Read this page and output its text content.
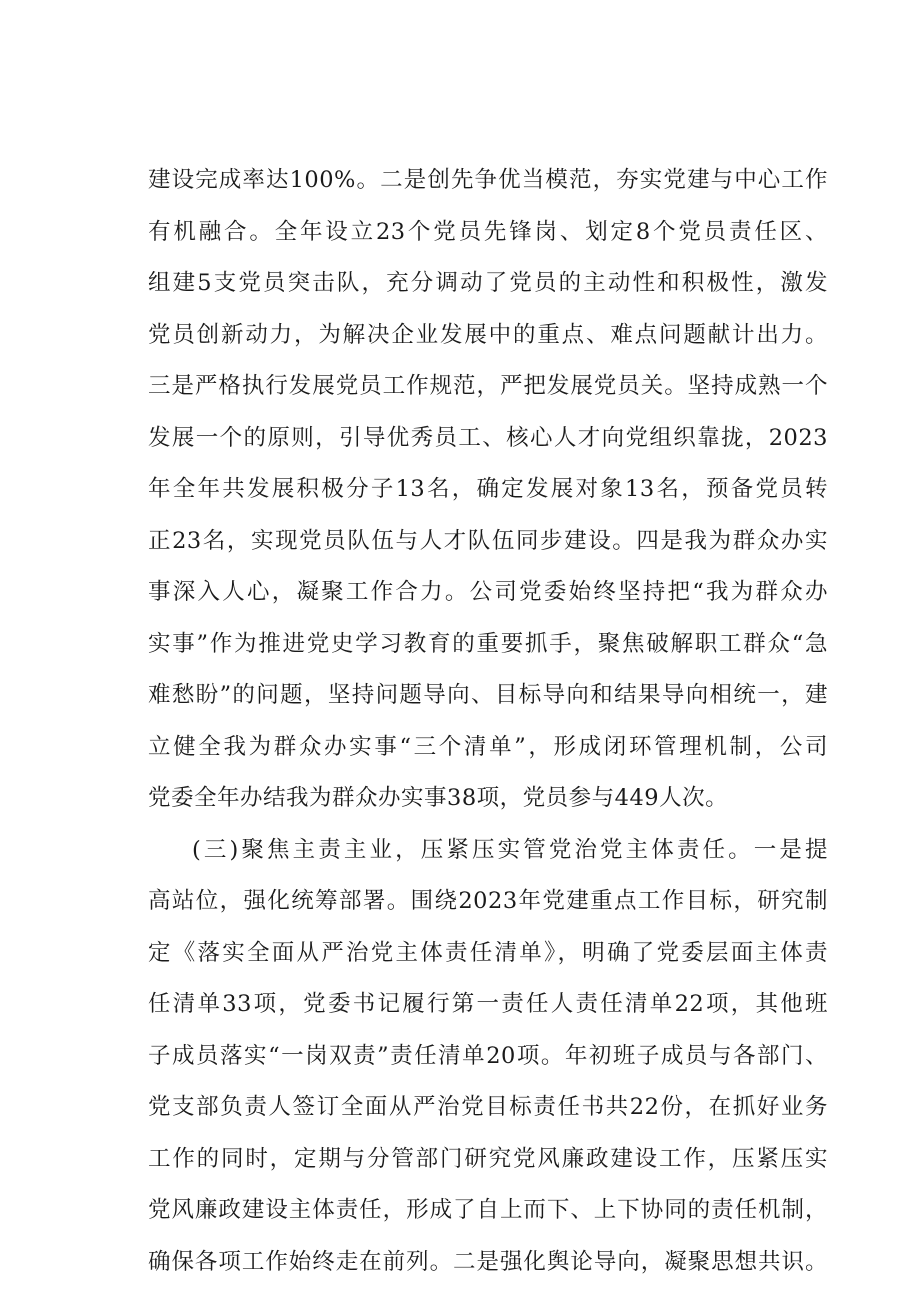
建设完成率达100%。二是创先争优当模范，夯实党建与中心工作
有机融合。全年设立23个党员先锋岗、划定8个党员责任区、
组建5支党员突击队，充分调动了党员的主动性和积极性，激发
党员创新动力，为解决企业发展中的重点、难点问题献计出力。
三是严格执行发展党员工作规范，严把发展党员关。坚持成熟一个
发展一个的原则，引导优秀员工、核心人才向党组织靠拢，2023
年全年共发展积极分子13名，确定发展对象13名，预备党员转
正23名，实现党员队伍与人才队伍同步建设。四是我为群众办实
事深入人心，凝聚工作合力。公司党委始终坚持把“我为群众办
实事”作为推进党史学习教育的重要抓手，聚焦破解职工群众“急
难愁盼”的问题，坚持问题导向、目标导向和结果导向相统一，建
立健全我为群众办实事“三个清单”，形成闭环管理机制，公司
党委全年办结我为群众办实事38项，党员参与449人次。
(三)聚焦主责主业，压紧压实管党治党主体责任。一是提
高站位，强化统筹部署。围绕2023年党建重点工作目标，研究制
定《落实全面从严治党主体责任清单》，明确了党委层面主体责
任清单33项，党委书记履行第一责任人责任清单22项，其他班
子成员落实“一岗双责”责任清单20项。年初班子成员与各部门、
党支部负责人签订全面从严治党目标责任书共22份，在抓好业务
工作的同时，定期与分管部门研究党风廉政建设工作，压紧压实
党风廉政建设主体责任，形成了自上而下、上下协同的责任机制，
确保各项工作始终走在前列。二是强化舆论导向，凝聚思想共识。
